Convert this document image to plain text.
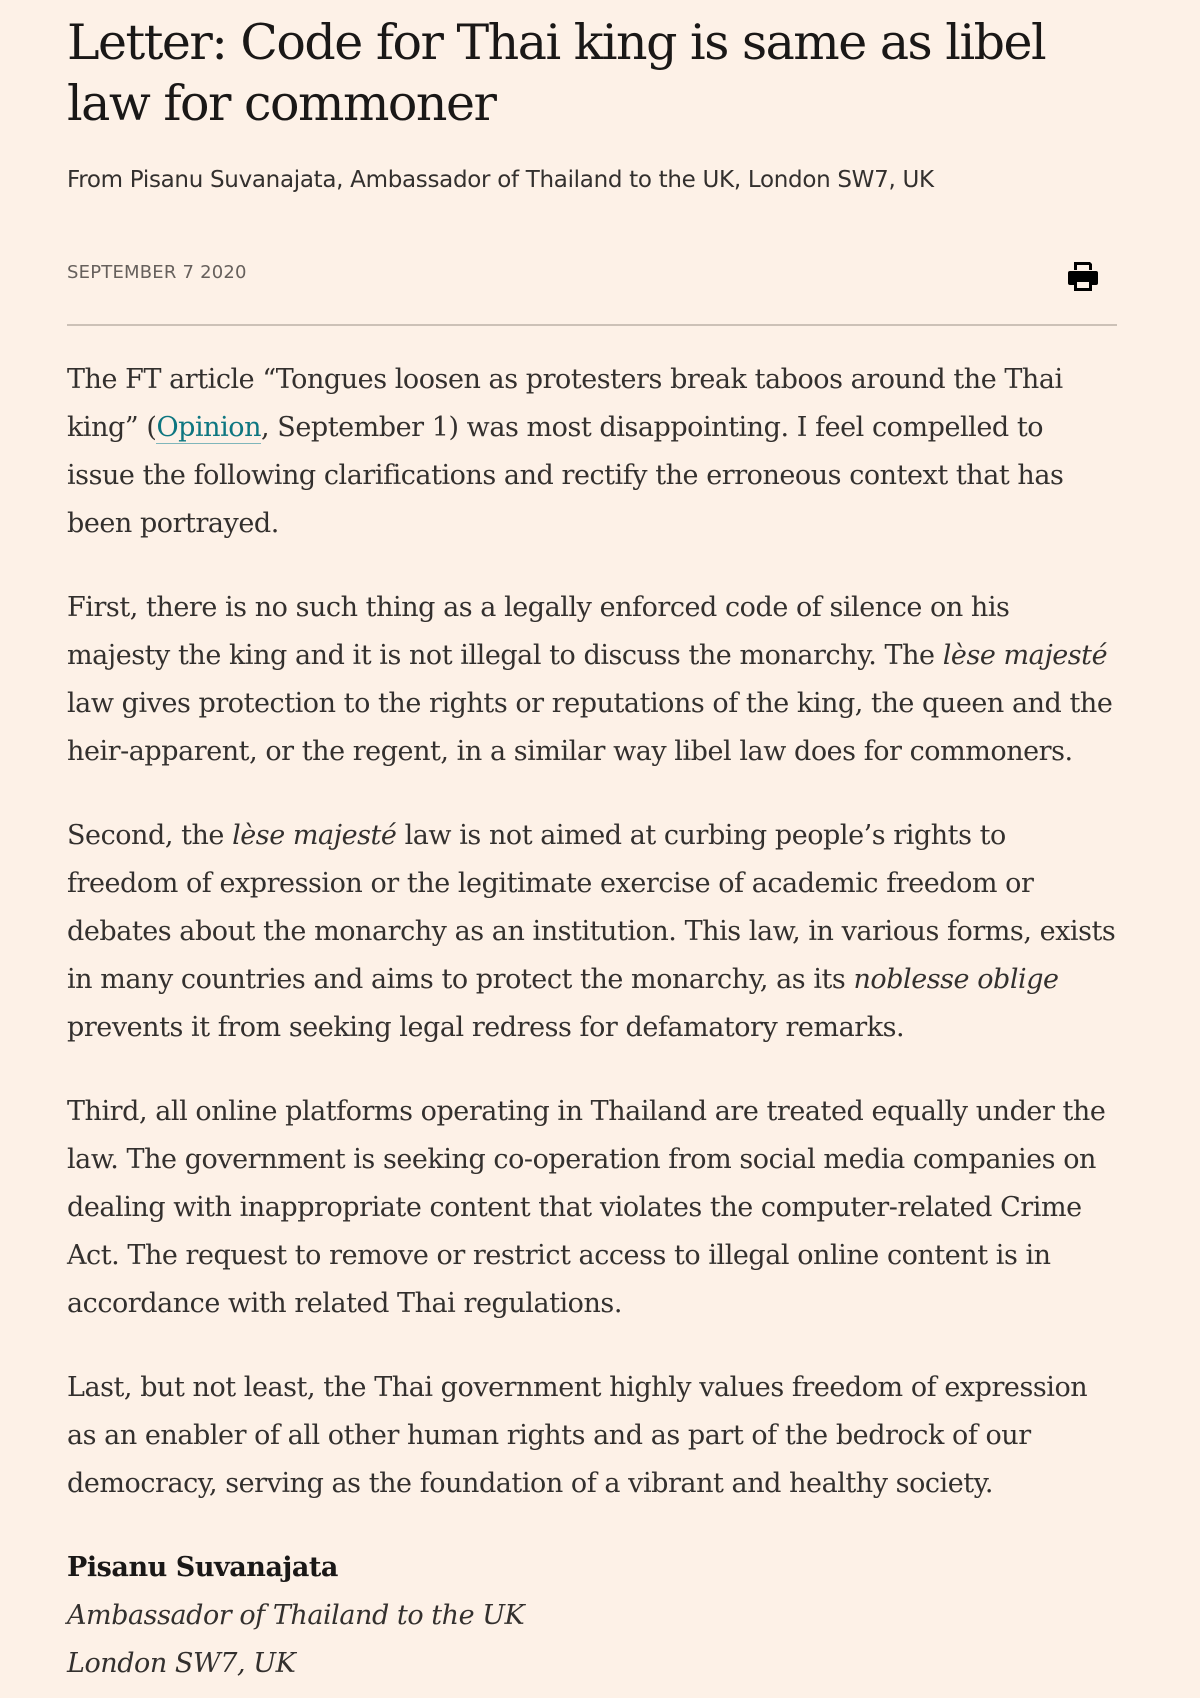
Letter: Code for Thai king is same as libel law for commoner
From Pisanu Suvanajata, Ambassador of Thailand to the UK, London SW7, UK
SEPTEMBER 7 2020

The FT article “Tongues loosen as protesters break taboos around the Thai king” (Opinion, September 1) was most disappointing. I feel compelled to issue the following clarifications and rectify the erroneous context that has been portrayed.

First, there is no such thing as a legally enforced code of silence on his majesty the king and it is not illegal to discuss the monarchy. The lèse majesté law gives protection to the rights or reputations of the king, the queen and the heir-apparent, or the regent, in a similar way libel law does for commoners.

Second, the lèse majesté law is not aimed at curbing people’s rights to freedom of expression or the legitimate exercise of academic freedom or debates about the monarchy as an institution. This law, in various forms, exists in many countries and aims to protect the monarchy, as its noblesse oblige prevents it from seeking legal redress for defamatory remarks.

Third, all online platforms operating in Thailand are treated equally under the law. The government is seeking co-operation from social media companies on dealing with inappropriate content that violates the computer-related Crime Act. The request to remove or restrict access to illegal online content is in accordance with related Thai regulations.

Last, but not least, the Thai government highly values freedom of expression as an enabler of all other human rights and as part of the bedrock of our democracy, serving as the foundation of a vibrant and healthy society.

Pisanu Suvanajata
Ambassador of Thailand to the UK
London SW7, UK
